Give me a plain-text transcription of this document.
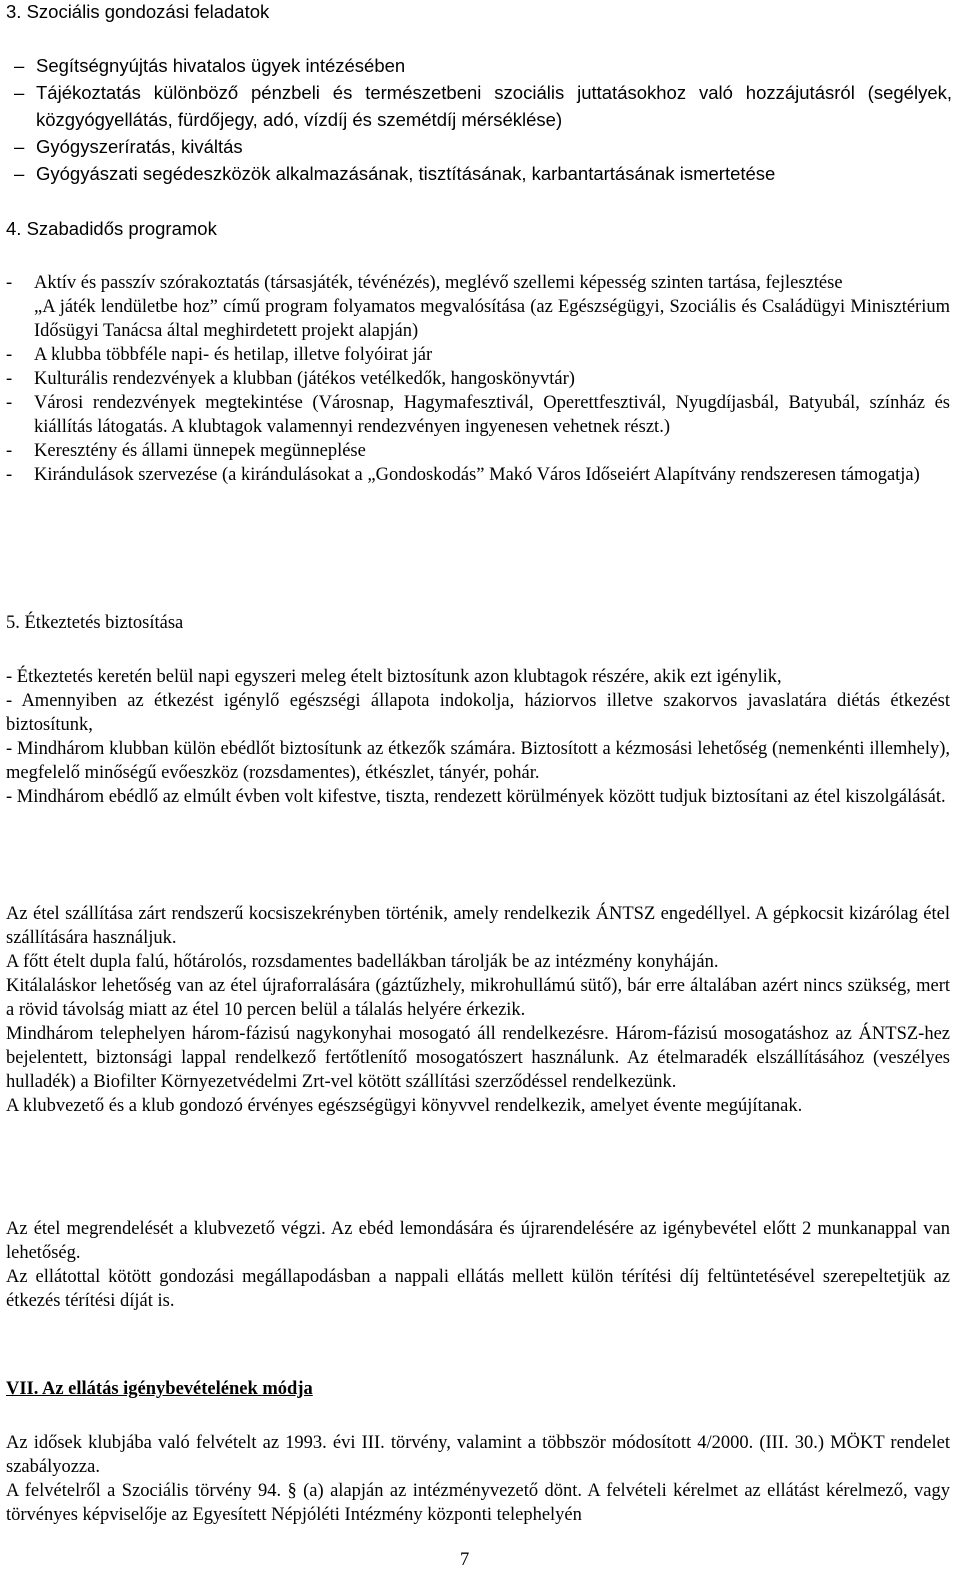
3. Szociális gondozási feladatok
– Segítségnyújtás hivatalos ügyek intézésében
– Tájékoztatás különböző pénzbeli és természetbeni szociális juttatásokhoz való hozzájutásról (segélyek, közgyógyellátás, fürdőjegy, adó, vízdíj és szemétdíj mérséklése)
– Gyógyszeríratás, kiváltás
– Gyógyászati segédeszközök alkalmazásának, tisztításának, karbantartásának ismertetése
4. Szabadidős programok
- Aktív és passzív szórakoztatás (társasjáték, tévénézés), meglévő szellemi képesség szinten tartása, fejlesztése
„A játék lendületbe hoz” című program folyamatos megvalósítása (az Egészségügyi, Szociális és Családügyi Minisztérium Idősügyi Tanácsa által meghirdetett projekt alapján)
- A klubba többféle napi- és hetilap, illetve folyóirat jár
- Kulturális rendezvények a klubban (játékos vetélkedők, hangoskönyvtár)
- Városi rendezvények megtekintése (Városnap, Hagymafesztivál, Operettfesztivál, Nyugdíjasbál, Batyubál, színház és kiállítás látogatás. A klubtagok valamennyi rendezvényen ingyenesen vehetnek részt.)
- Keresztény és állami ünnepek megünneplése
- Kirándulások szervezése (a kirándulásokat a „Gondoskodás” Makó Város Időseiért Alapítvány rendszeresen támogatja)
5. Étkeztetés biztosítása

- Étkeztetés keretén belül napi egyszeri meleg ételt biztosítunk azon klubtagok részére, akik ezt igénylik,

- Amennyiben az étkezést igénylő egészségi állapota indokolja, háziorvos illetve szakorvos javaslatára diétás étkezést biztosítunk,

- Mindhárom klubban külön ebédlőt biztosítunk az étkezők számára. Biztosított a kézmosási lehetőség (nemenkénti illemhely), megfelelő minőségű evőeszköz (rozsdamentes), étkészlet, tányér, pohár.

- Mindhárom ebédlő az elmúlt évben volt kifestve, tiszta, rendezett körülmények között tudjuk biztosítani az étel kiszolgálását.

Az étel szállítása zárt rendszerű kocsiszekrényben történik, amely rendelkezik ÁNTSZ engedéllyel. A gépkocsit kizárólag étel szállítására használjuk.

A főtt ételt dupla falú, hőtárolós, rozsdamentes badellákban tárolják be az intézmény konyháján.

Kitálaláskor lehetőség van az étel újraforralására (gáztűzhely, mikrohullámú sütő), bár erre általában azért nincs szükség, mert a rövid távolság miatt az étel 10 percen belül a tálalás helyére érkezik.

Mindhárom telephelyen három-fázisú nagykonyhai mosogató áll rendelkezésre. Három-fázisú mosogatáshoz az ÁNTSZ-hez bejelentett, biztonsági lappal rendelkező fertőtlenítő mosogatószert használunk. Az ételmaradék elszállításához (veszélyes hulladék) a Biofilter Környezetvédelmi Zrt-vel kötött szállítási szerződéssel rendelkezünk.

A klubvezető és a klub gondozó érvényes egészségügyi könyvvel rendelkezik, amelyet évente megújítanak.

Az étel megrendelését a klubvezető végzi. Az ebéd lemondására és újrarendelésére az igénybevétel előtt 2 munkanappal van lehetőség.

Az ellátottal kötött gondozási megállapodásban a nappali ellátás mellett külön térítési díj feltüntetésével szerepeltetjük az étkezés térítési díját is.

VII. Az ellátás igénybevételének módja

Az idősek klubjába való felvételt az 1993. évi III. törvény, valamint a többször módosított 4/2000. (III. 30.) MÖKT rendelet szabályozza.

A felvételről a Szociális törvény 94. § (a) alapján az intézményvezető dönt. A felvételi kérelmet az ellátást kérelmező, vagy törvényes képviselője az Egyesített Népjóléti Intézmény központi telephelyén

7
